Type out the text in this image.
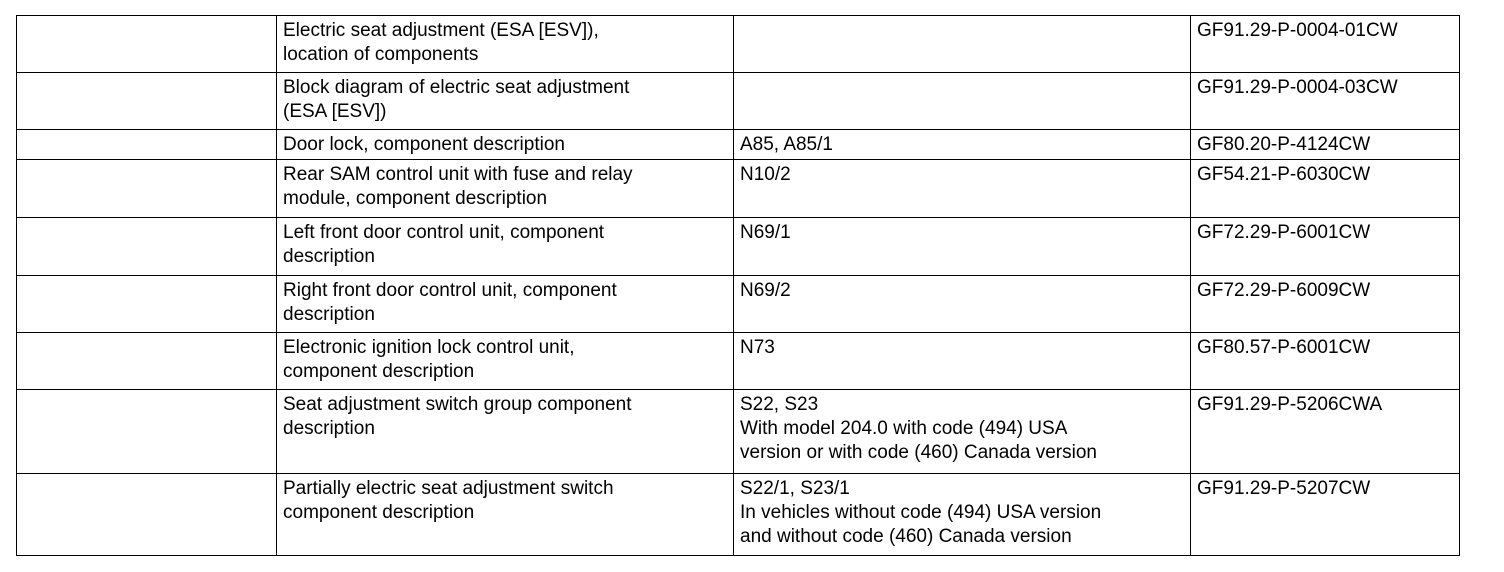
	Electric seat adjustment (ESA [ESV]),
location of components		GF91.29-P-0004-01CW
	Block diagram of electric seat adjustment
(ESA [ESV])		GF91.29-P-0004-03CW
	Door lock, component description	A85, A85/1	GF80.20-P-4124CW
	Rear SAM control unit with fuse and relay
module, component description	N10/2	GF54.21-P-6030CW
	Left front door control unit, component
description	N69/1	GF72.29-P-6001CW
	Right front door control unit, component
description	N69/2	GF72.29-P-6009CW
	Electronic ignition lock control unit,
component description	N73	GF80.57-P-6001CW
	Seat adjustment switch group component
description	S22, S23
With model 204.0 with code (494) USA
version or with code (460) Canada version	GF91.29-P-5206CWA
	Partially electric seat adjustment switch
component description	S22/1, S23/1
In vehicles without code (494) USA version
and without code (460) Canada version	GF91.29-P-5207CW
